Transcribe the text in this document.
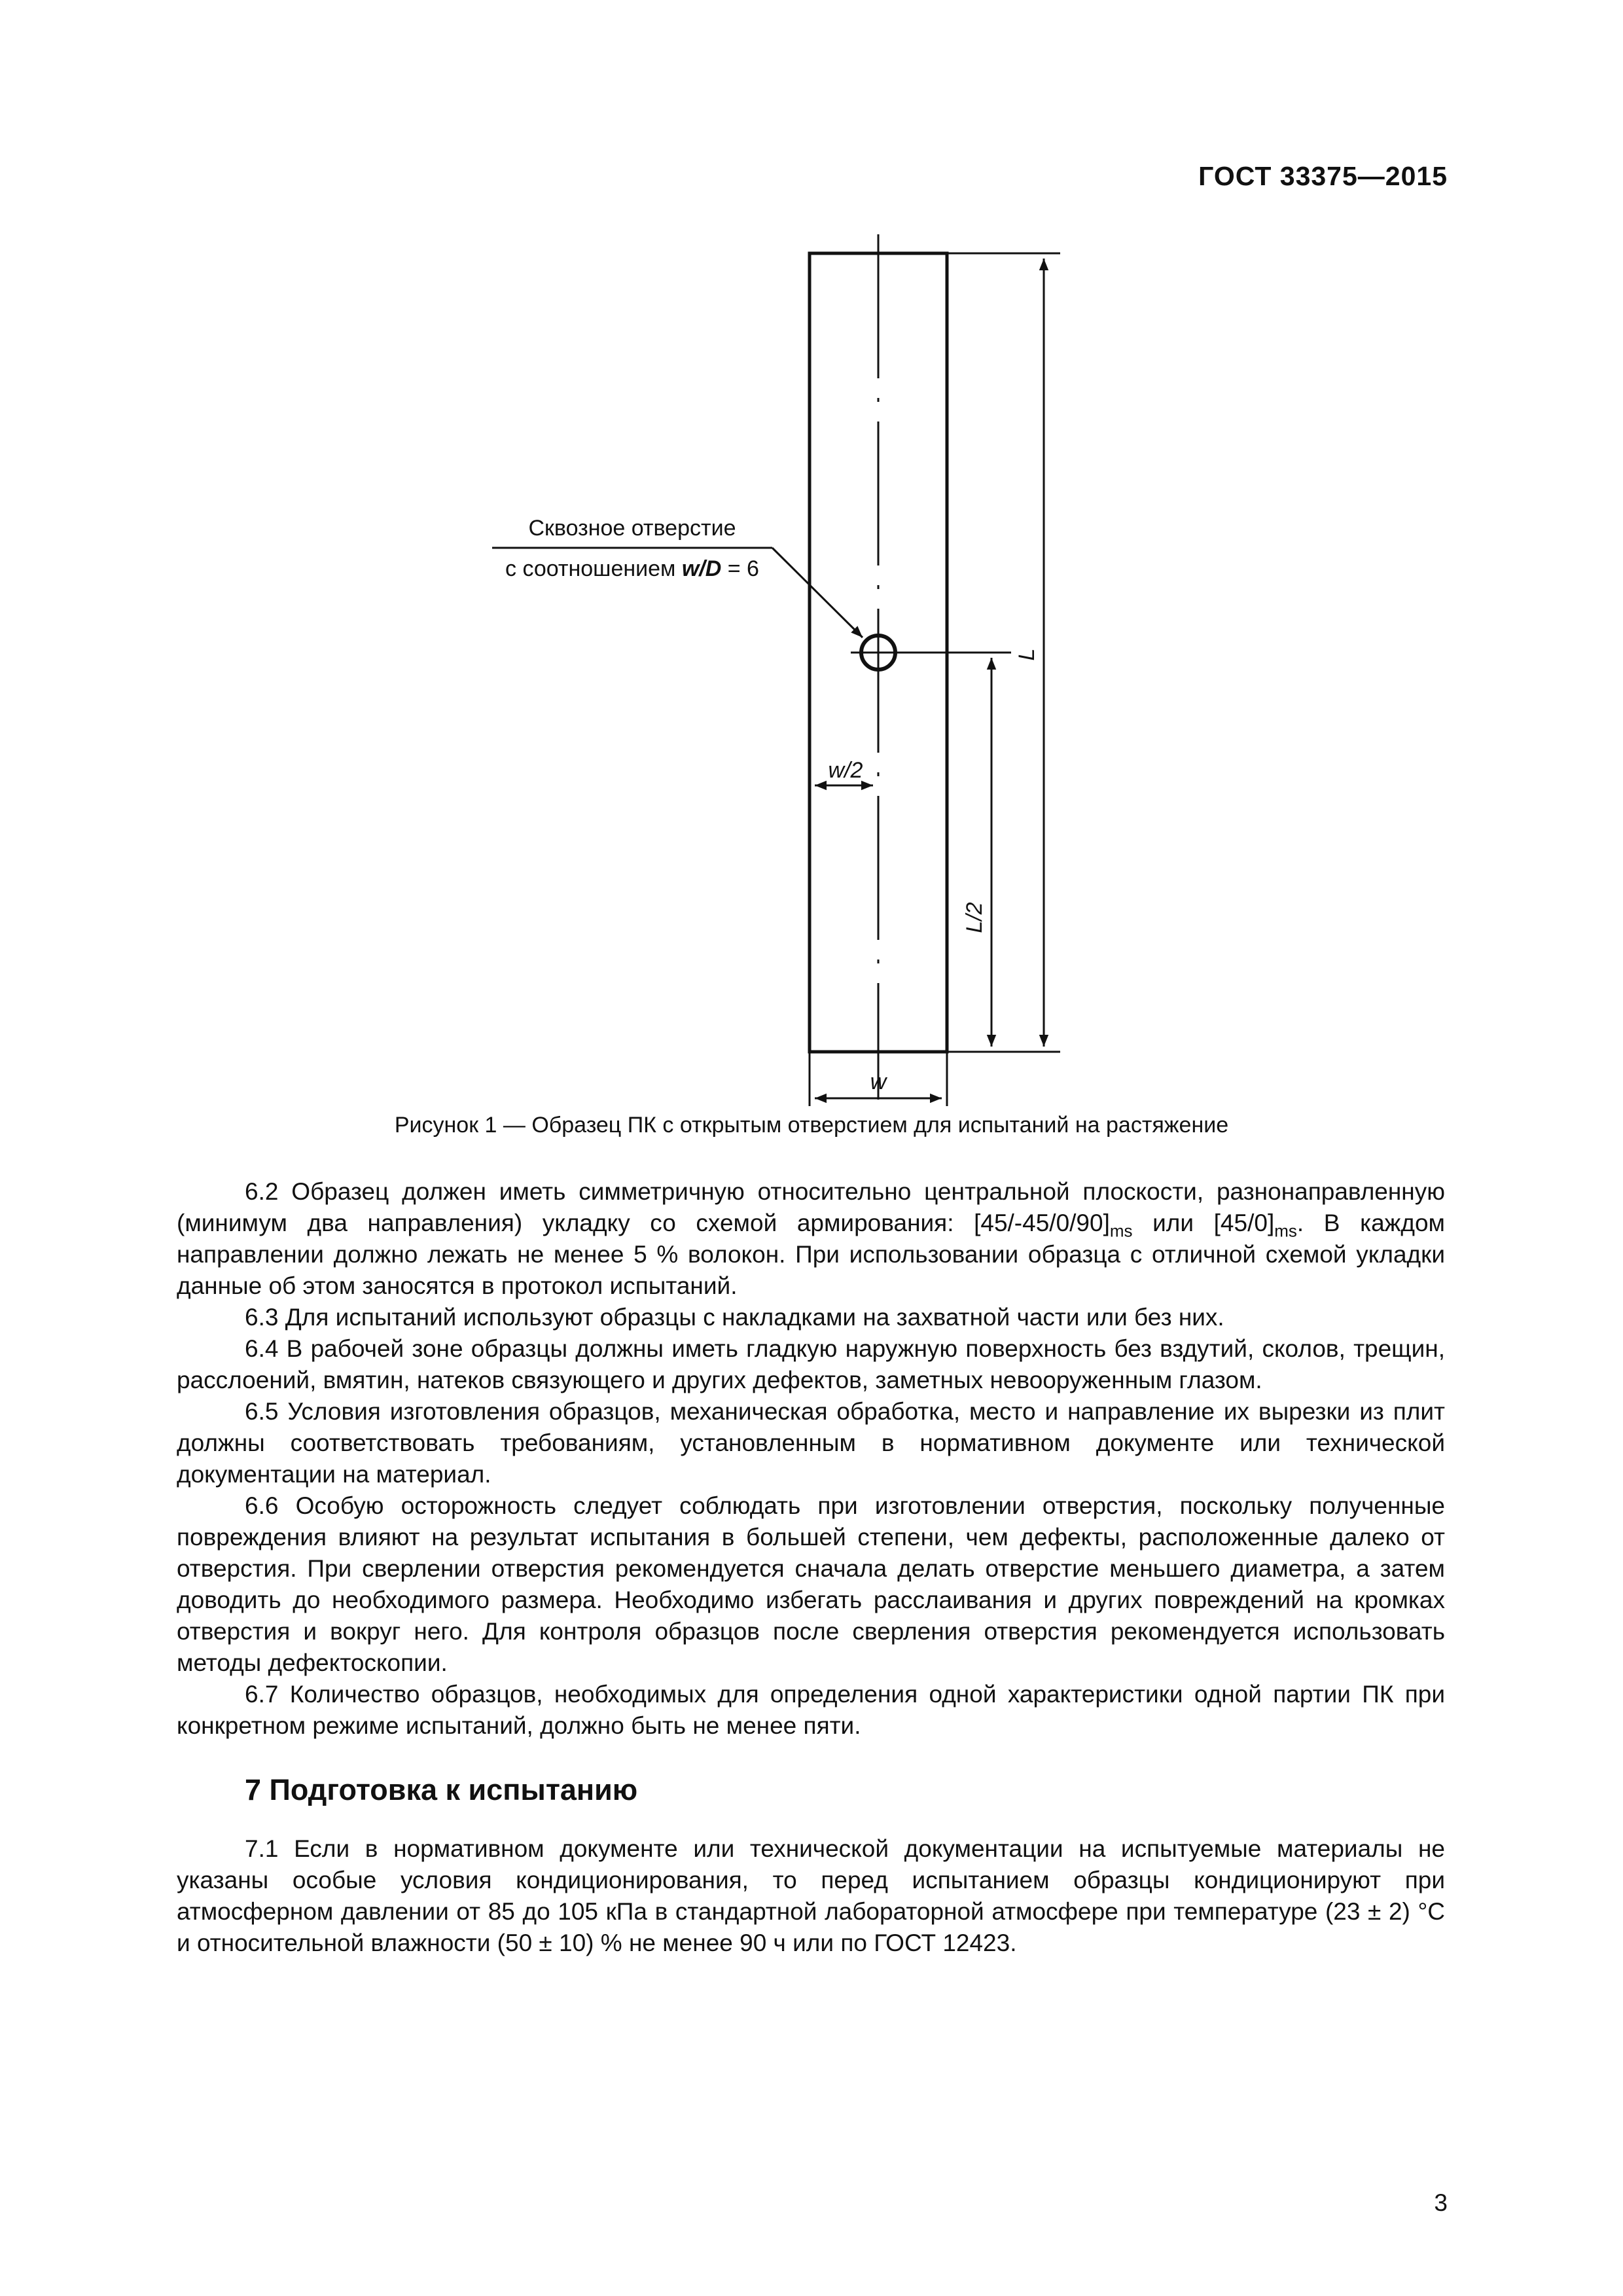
ГОСТ 33375—2015
Сквозное отверстие
с соотношением w/D = 6
L
L/2
w/2
w
Рисунок 1 — Образец ПК с открытым отверстием для испытаний на растяжение

6.2 Образец должен иметь симметричную относительно центральной плоскости, разнонаправленную (минимум два направления) укладку со схемой армирования: $[45/-45/0/90]_{ms}$ или $[45/0]_{ms}$. В каждом направлении должно лежать не менее 5 % волокон. При использовании образца с отличной схемой укладки данные об этом заносятся в протокол испытаний.

6.3 Для испытаний используют образцы с накладками на захватной части или без них.

6.4 В рабочей зоне образцы должны иметь гладкую наружную поверхность без вздутий, сколов, трещин, расслоений, вмятин, натеков связующего и других дефектов, заметных невооруженным глазом.

6.5 Условия изготовления образцов, механическая обработка, место и направление их вырезки из плит должны соответствовать требованиям, установленным в нормативном документе или технической документации на материал.

6.6 Особую осторожность следует соблюдать при изготовлении отверстия, поскольку полученные повреждения влияют на результат испытания в большей степени, чем дефекты, расположенные далеко от отверстия. При сверлении отверстия рекомендуется сначала делать отверстие меньшего диаметра, а затем доводить до необходимого размера. Необходимо избегать расслаивания и других повреждений на кромках отверстия и вокруг него. Для контроля образцов после сверления отверстия рекомендуется использовать методы дефектоскопии.

6.7 Количество образцов, необходимых для определения одной характеристики одной партии ПК при конкретном режиме испытаний, должно быть не менее пяти.

7 Подготовка к испытанию

7.1 Если в нормативном документе или технической документации на испытуемые материалы не указаны особые условия кондиционирования, то перед испытанием образцы кондиционируют при атмосферном давлении от 85 до 105 кПа в стандартной лабораторной атмосфере при температуре (23 ± 2) °С и относительной влажности (50 ± 10) % не менее 90 ч или по ГОСТ 12423.

3
